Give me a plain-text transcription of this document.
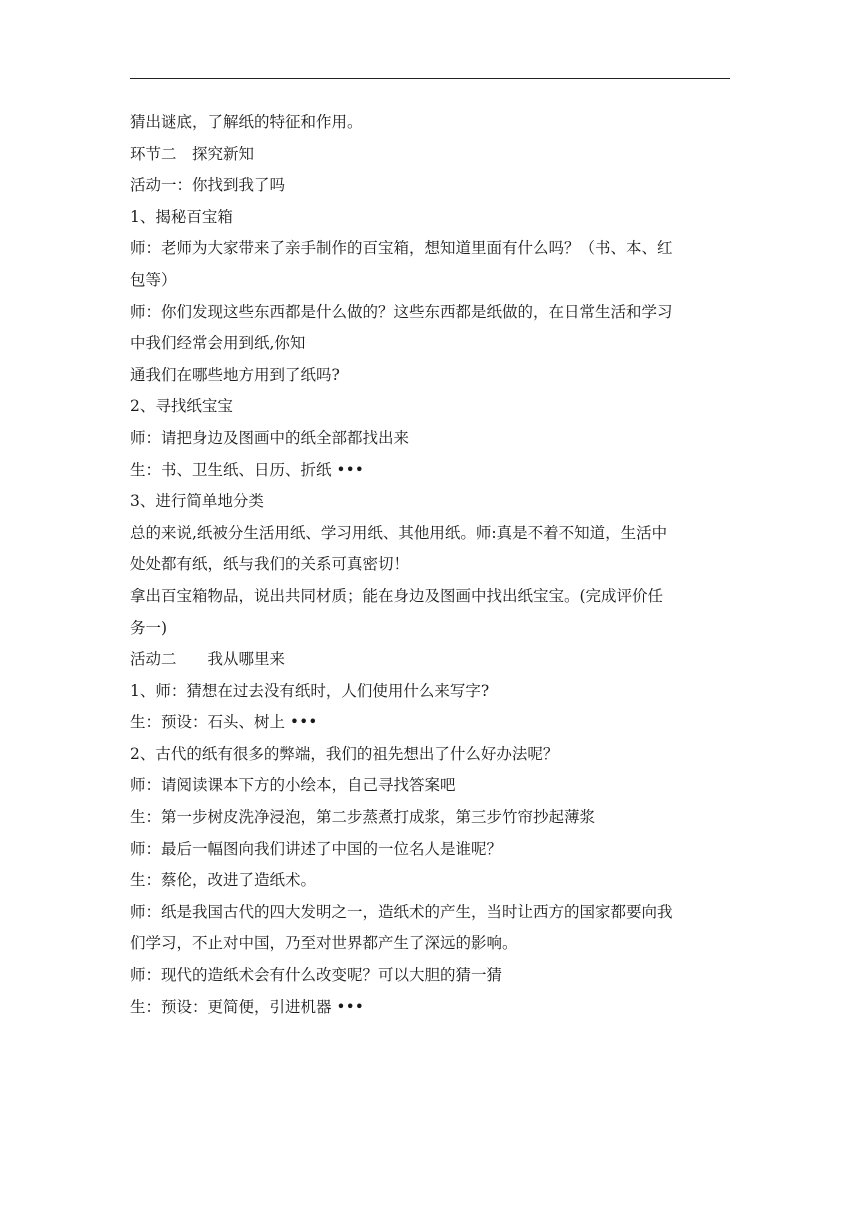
猜出谜底，了解纸的特征和作用。

环节二　探究新知

活动一：你找到我了吗

1、揭秘百宝箱

师：老师为大家带来了亲手制作的百宝箱，想知道里面有什么吗？（书、本、红

包等）

师：你们发现这些东西都是什么做的？这些东西都是纸做的，在日常生活和学习

中我们经常会用到纸,你知

通我们在哪些地方用到了纸吗?

2、寻找纸宝宝

师：请把身边及图画中的纸全部都找出来

生：书、卫生纸、日历、折纸 •••

3、进行简单地分类

总的来说,纸被分生活用纸、学习用纸、其他用纸。师:真是不着不知道，生活中

处处都有纸，纸与我们的关系可真密切！

拿出百宝箱物品，说出共同材质；能在身边及图画中找出纸宝宝。(完成评价任

务一)

活动二　　我从哪里来

1、师：猜想在过去没有纸时，人们使用什么来写字?

生：预设：石头、树上 •••

2、古代的纸有很多的弊端，我们的祖先想出了什么好办法呢？

师：请阅读课本下方的小绘本，自己寻找答案吧

生：第一步树皮洗净浸泡，第二步蒸煮打成浆，第三步竹帘抄起薄浆

师：最后一幅图向我们讲述了中国的一位名人是谁呢？

生：蔡伦，改进了造纸术。

师：纸是我国古代的四大发明之一，造纸术的产生，当时让西方的国家都要向我

们学习，不止对中国，乃至对世界都产生了深远的影响。

师：现代的造纸术会有什么改变呢？可以大胆的猜一猜

生：预设：更简便，引进机器 •••
